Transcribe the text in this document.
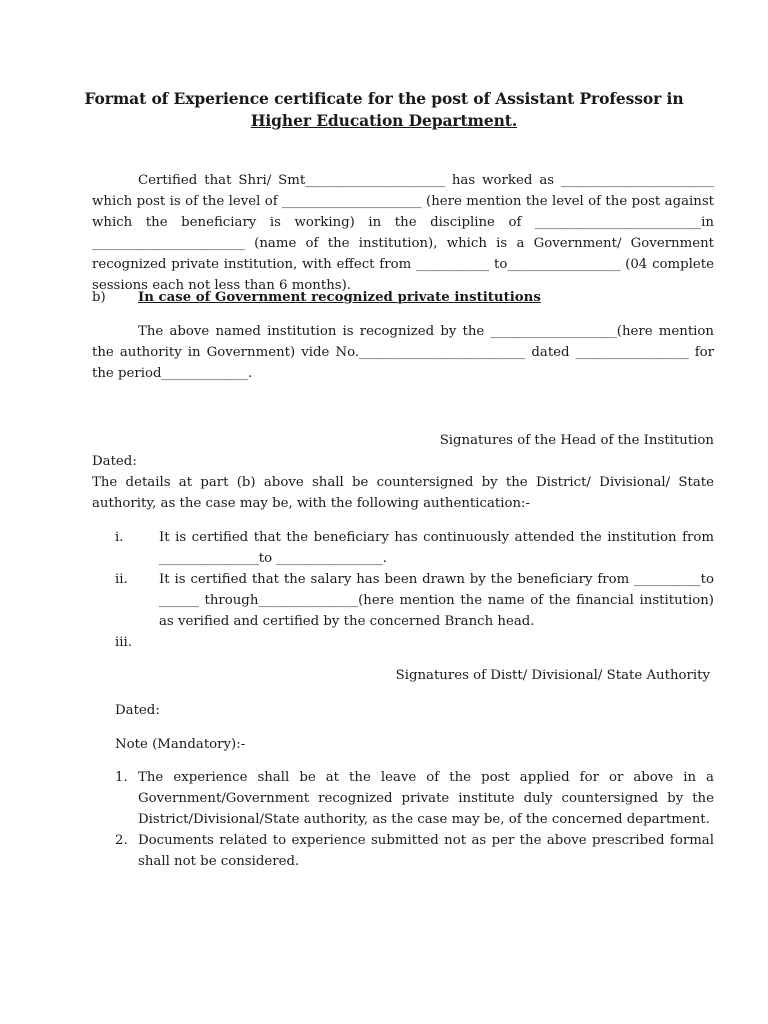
Format of Experience certificate for the post of Assistant Professor in

Higher Education Department.

Certified that Shri/ Smt_____________________ has worked as _______________________ which post is of the level of _____________________ (here mention the level of the post against which the beneficiary is working) in the discipline of _________________________in _______________________ (name of the institution), which is a Government/ Government recognized private institution, with effect from ___________ to_________________ (04 complete sessions each not less than 6 months).

b) In case of Government recognized private institutions

The above named institution is recognized by the ___________________(here mention the authority in Government) vide No._________________________ dated _________________ for the period_____________.

Signatures of the Head of the Institution

Dated:

The details at part (b) above shall be countersigned by the District/ Divisional/ State authority, as the case may be, with the following authentication:-

i.	It is certified that the beneficiary has continuously attended the institution from _______________to ________________.

ii. It is certified that the salary has been drawn by the beneficiary from __________to ______ through_______________(here mention the name of the financial institution) as verified and certified by the concerned Branch head.

iii.

Signatures of Distt/ Divisional/ State Authority

Dated:

Note (Mandatory):-

1. The experience shall be at the leave of the post applied for or above in a Government/Government recognized private institute duly countersigned by the District/Divisional/State authority, as the case may be, of the concerned department.

2. Documents related to experience submitted not as per the above prescribed formal shall not be considered.
